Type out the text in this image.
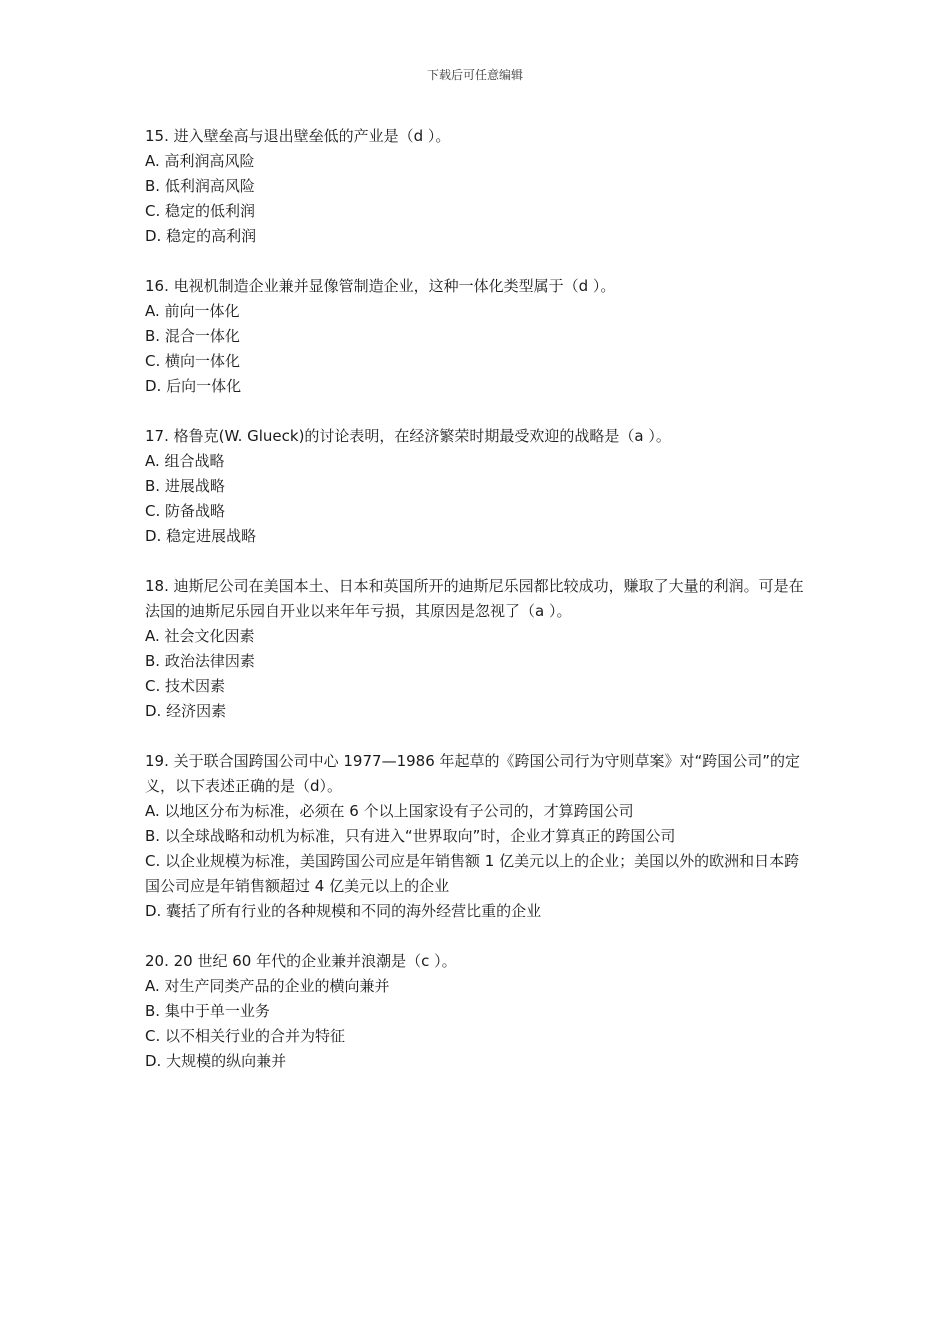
下载后可任意编辑

15. 进入壁垒高与退出壁垒低的产业是（d ）。

A. 高利润高风险

B. 低利润高风险

C. 稳定的低利润

D. 稳定的高利润

16. 电视机制造企业兼并显像管制造企业，这种一体化类型属于（d ）。

A. 前向一体化

B. 混合一体化

C. 横向一体化

D. 后向一体化

17. 格鲁克(W. Glueck)的讨论表明，在经济繁荣时期最受欢迎的战略是（a ）。

A. 组合战略

B. 进展战略

C. 防备战略

D. 稳定进展战略

18. 迪斯尼公司在美国本土、日本和英国所开的迪斯尼乐园都比较成功，赚取了大量的利润。可是在法国的迪斯尼乐园自开业以来年年亏损，其原因是忽视了（a ）。

A. 社会文化因素

B. 政治法律因素

C. 技术因素

D. 经济因素

19. 关于联合国跨国公司中心 1977—1986 年起草的《跨国公司行为守则草案》对“跨国公司”的定义，以下表述正确的是（d）。

A. 以地区分布为标准，必须在 6 个以上国家设有子公司的，才算跨国公司

B. 以全球战略和动机为标准，只有进入“世界取向”时，企业才算真正的跨国公司

C. 以企业规模为标准，美国跨国公司应是年销售额 1 亿美元以上的企业；美国以外的欧洲和日本跨国公司应是年销售额超过 4 亿美元以上的企业

D. 囊括了所有行业的各种规模和不同的海外经营比重的企业

20. 20 世纪 60 年代的企业兼并浪潮是（c ）。

A. 对生产同类产品的企业的横向兼并

B. 集中于单一业务

C. 以不相关行业的合并为特征

D. 大规模的纵向兼并
